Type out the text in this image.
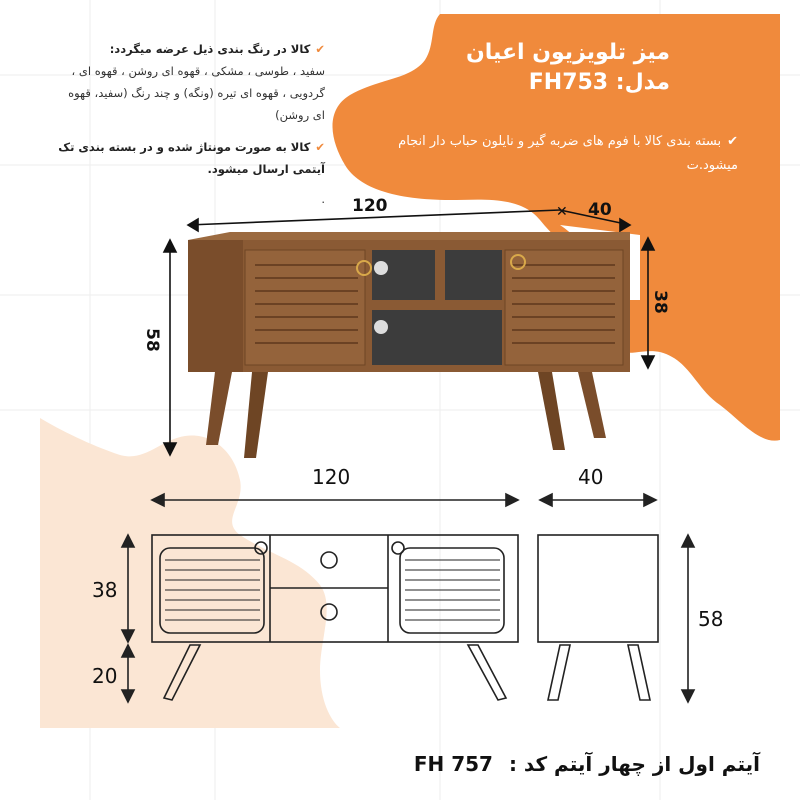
میز تلویزیون اعیان
مدل: FH753
✔بسته بندی کالا با فوم های ضربه گیر و نایلون حباب دار انجام میشود.ت
✔کالا در رنگ بندی ذیل عرضه میگردد:
سفید ، طوسی ، مشکی ، قهوه ای روشن ، قهوه ای ، گردویی ، قهوه ای تیره (ونگه) و چند رنگ (سفید، قهوه ای روشن)
✔کالا به صورت مونتاژ شده و در بسته بندی تک آیتمی ارسال میشود.
.
✕
120	40
58
38
120	40
38
20
58
آیتم اول از چهار آیتم کد :FH 757
